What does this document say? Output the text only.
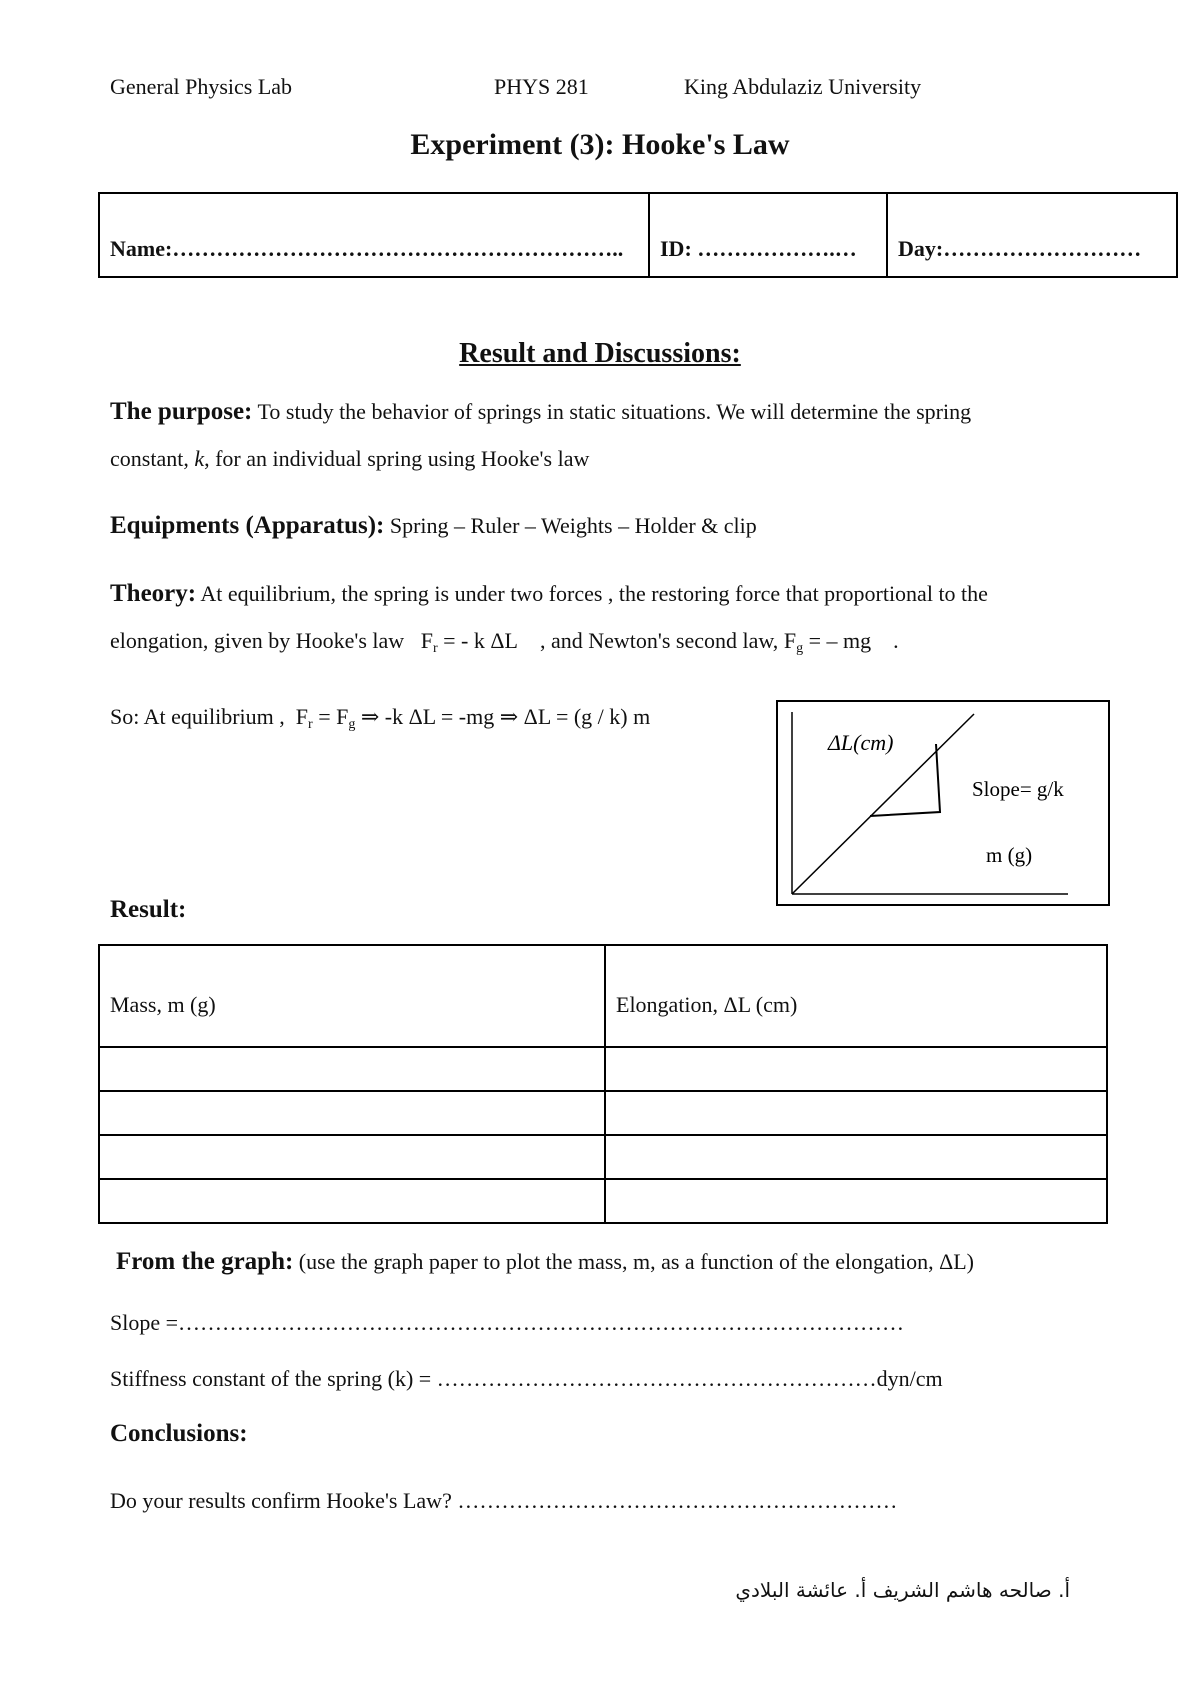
General Physics Lab	PHYS 281	King Abdulaziz University
Experiment (3): Hooke's Law
Name:……………………………………………………..	ID: ……………….…	Day:………………………
Result and Discussions:
The purpose: To study the behavior of springs in static situations. We will determine the spring
constant, k, for an individual spring using Hooke's law
Equipments (Apparatus): Spring – Ruler – Weights – Holder & clip
Theory: At equilibrium, the spring is under two forces , the restoring force that proportional to the
elongation, given by Hooke's law $F_r$ = - k ΔL , and Newton's second law, $F_g$ = – mg .
So: At equilibrium , $F_r = F_g$ ⇒ -k ΔL = -mg ⇒ ΔL = (g / k) m
ΔL(cm)
Slope= g/k
m (g)
Result:
Mass, m (g)	Elongation, ΔL (cm)

From the graph: (use the graph paper to plot the mass, m, as a function of the elongation, ΔL)
Slope =………………………………………………………………………………………
Stiffness constant of the spring (k) = ……………………………………………………dyn/cm
Conclusions:
Do your results confirm Hooke's Law? ……………………………………………………
أ. صالحه هاشم الشريف أ. عائشة البلادي
